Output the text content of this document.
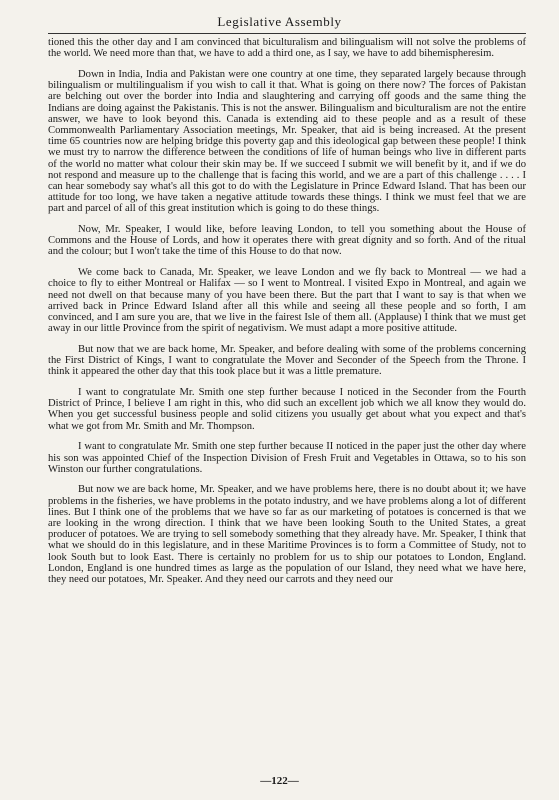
Legislative Assembly

tioned this the other day and I am convinced that biculturalism and bilingualism will not solve the problems of the world. We need more than that, we have to add a third one, as I say, we have to add bihemispheresim.

Down in India, India and Pakistan were one country at one time, they separated largely because through bilingualism or multilingualism if you wish to call it that. What is going on there now? The forces of Pakistan are belching out over the border into India and slaughtering and carrying off goods and the same thing the Indians are doing against the Pakistanis. This is not the answer. Bilingualism and biculturalism are not the entire answer, we have to look beyond this. Canada is extending aid to these people and as a result of these Commonwealth Parliamentary Association meetings, Mr. Speaker, that aid is being increased. At the present time 65 countries now are helping bridge this poverty gap and this ideological gap between these people! I think we must try to narrow the difference between the conditions of life of human beings who live in different parts of the world no matter what colour their skin may be. If we succeed I submit we will benefit by it, and if we do not respond and measure up to the challenge that is facing this world, and we are a part of this challenge . . . . I can hear somebody say what's all this got to do with the Legislature in Prince Edward Island. That has been our attitude for too long, we have taken a negative attitude towards these things. I think we must feel that we are part and parcel of all of this great institution which is going to do these things.

Now, Mr. Speaker, I would like, before leaving London, to tell you something about the House of Commons and the House of Lords, and how it operates there with great dignity and so forth. And of the ritual and the colour; but I won't take the time of this House to do that now.

We come back to Canada, Mr. Speaker, we leave London and we fly back to Montreal — we had a choice to fly to either Montreal or Halifax — so I went to Montreal. I visited Expo in Montreal, and again we need not dwell on that because many of you have been there. But the part that I want to say is that when we arrived back in Prince Edward Island after all this while and seeing all these people and so forth, I am convinced, and I am sure you are, that we live in the fairest Isle of them all. (Applause) I think that we must get away in our little Province from the spirit of negativism. We must adapt a more positive attitude.

But now that we are back home, Mr. Speaker, and before dealing with some of the problems concerning the First District of Kings, I want to congratulate the Mover and Seconder of the Speech from the Throne. I think it appeared the other day that this took place but it was a little premature.

I want to congratulate Mr. Smith one step further because I noticed in the Seconder from the Fourth District of Prince, I believe I am right in this, who did such an excellent job which we all know they would do. When you get successful business people and solid citizens you usually get about what you expect and that's what we got from Mr. Smith and Mr. Thompson.

I want to congratulate Mr. Smith one step further because II noticed in the paper just the other day where his son was appointed Chief of the Inspection Division of Fresh Fruit and Vegetables in Ottawa, so to his son Winston our further congratulations.

But now we are back home, Mr. Speaker, and we have problems here, there is no doubt about it; we have problems in the fisheries, we have problems in the potato industry, and we have problems along a lot of different lines. But I think one of the problems that we have so far as our marketing of potatoes is concerned is that we are looking in the wrong direction. I think that we have been looking South to the United States, a great producer of potatoes. We are trying to sell somebody something that they already have. Mr. Speaker, I think that what we should do in this legislature, and in these Maritime Provinces is to form a Committee of Study, not to look South but to look East. There is certainly no problem for us to ship our potatoes to London, England. London, England is one hundred times as large as the population of our Island, they need what we have here, they need our potatoes, Mr. Speaker. And they need our carrots and they need our

—122—
